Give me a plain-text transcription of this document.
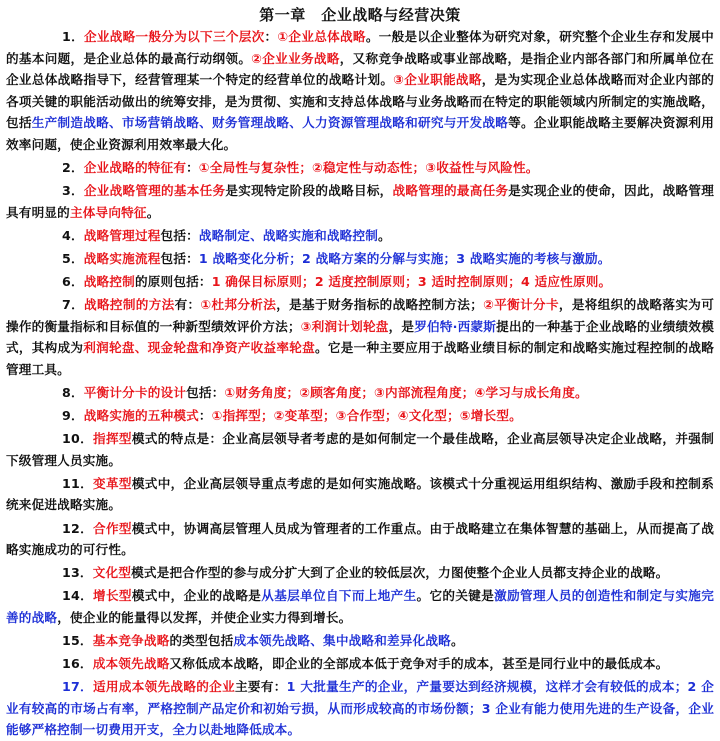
第一章　企业战略与经营决策

1．企业战略一般分为以下三个层次：①企业总体战略。一般是以企业整体为研究对象，研究整个企业生存和发展中的基本问题，是企业总体的最高行动纲领。②企业业务战略，又称竞争战略或事业部战略，是指企业内部各部门和所属单位在企业总体战略指导下，经营管理某一个特定的经营单位的战略计划。③企业职能战略，是为实现企业总体战略而对企业内部的各项关键的职能活动做出的统筹安排，是为贯彻、实施和支持总体战略与业务战略而在特定的职能领域内所制定的实施战略，包括生产制造战略、市场营销战略、财务管理战略、人力资源管理战略和研究与开发战略等。企业职能战略主要解决资源利用效率问题，使企业资源利用效率最大化。

2．企业战略的特征有：①全局性与复杂性；②稳定性与动态性；③收益性与风险性。

3．企业战略管理的基本任务是实现特定阶段的战略目标，战略管理的最高任务是实现企业的使命，因此，战略管理具有明显的主体导向特征。

4．战略管理过程包括：战略制定、战略实施和战略控制。

5．战略实施流程包括：1 战略变化分析；2 战略方案的分解与实施；3 战略实施的考核与激励。

6．战略控制的原则包括：1 确保目标原则；2 适度控制原则；3 适时控制原则；4 适应性原则。

7．战略控制的方法有：①杜邦分析法，是基于财务指标的战略控制方法；②平衡计分卡，是将组织的战略落实为可操作的衡量指标和目标值的一种新型绩效评价方法；③利润计划轮盘，是罗伯特·西蒙斯提出的一种基于企业战略的业绩绩效模式，其构成为利润轮盘、现金轮盘和净资产收益率轮盘。它是一种主要应用于战略业绩目标的制定和战略实施过程控制的战略管理工具。

8．平衡计分卡的设计包括：①财务角度；②顾客角度；③内部流程角度；④学习与成长角度。

9．战略实施的五种模式：①指挥型；②变革型；③合作型；④文化型；⑤增长型。

10．指挥型模式的特点是：企业高层领导者考虑的是如何制定一个最佳战略，企业高层领导决定企业战略，并强制下级管理人员实施。

11．变革型模式中，企业高层领导重点考虑的是如何实施战略。该模式十分重视运用组织结构、激励手段和控制系统来促进战略实施。

12．合作型模式中，协调高层管理人员成为管理者的工作重点。由于战略建立在集体智慧的基础上，从而提高了战略实施成功的可行性。

13．文化型模式是把合作型的参与成分扩大到了企业的较低层次，力图使整个企业人员都支持企业的战略。

14．增长型模式中，企业的战略是从基层单位自下而上地产生。它的关键是激励管理人员的创造性和制定与实施完善的战略，使企业的能量得以发挥，并使企业实力得到增长。

15．基本竞争战略的类型包括成本领先战略、集中战略和差异化战略。

16．成本领先战略又称低成本战略，即企业的全部成本低于竞争对手的成本，甚至是同行业中的最低成本。

17．适用成本领先战略的企业主要有：1 大批量生产的企业，产量要达到经济规模，这样才会有较低的成本；2 企业有较高的市场占有率，严格控制产品定价和初始亏损，从而形成较高的市场份额；3 企业有能力使用先进的生产设备，企业能够严格控制一切费用开支，全力以赴地降低成本。
